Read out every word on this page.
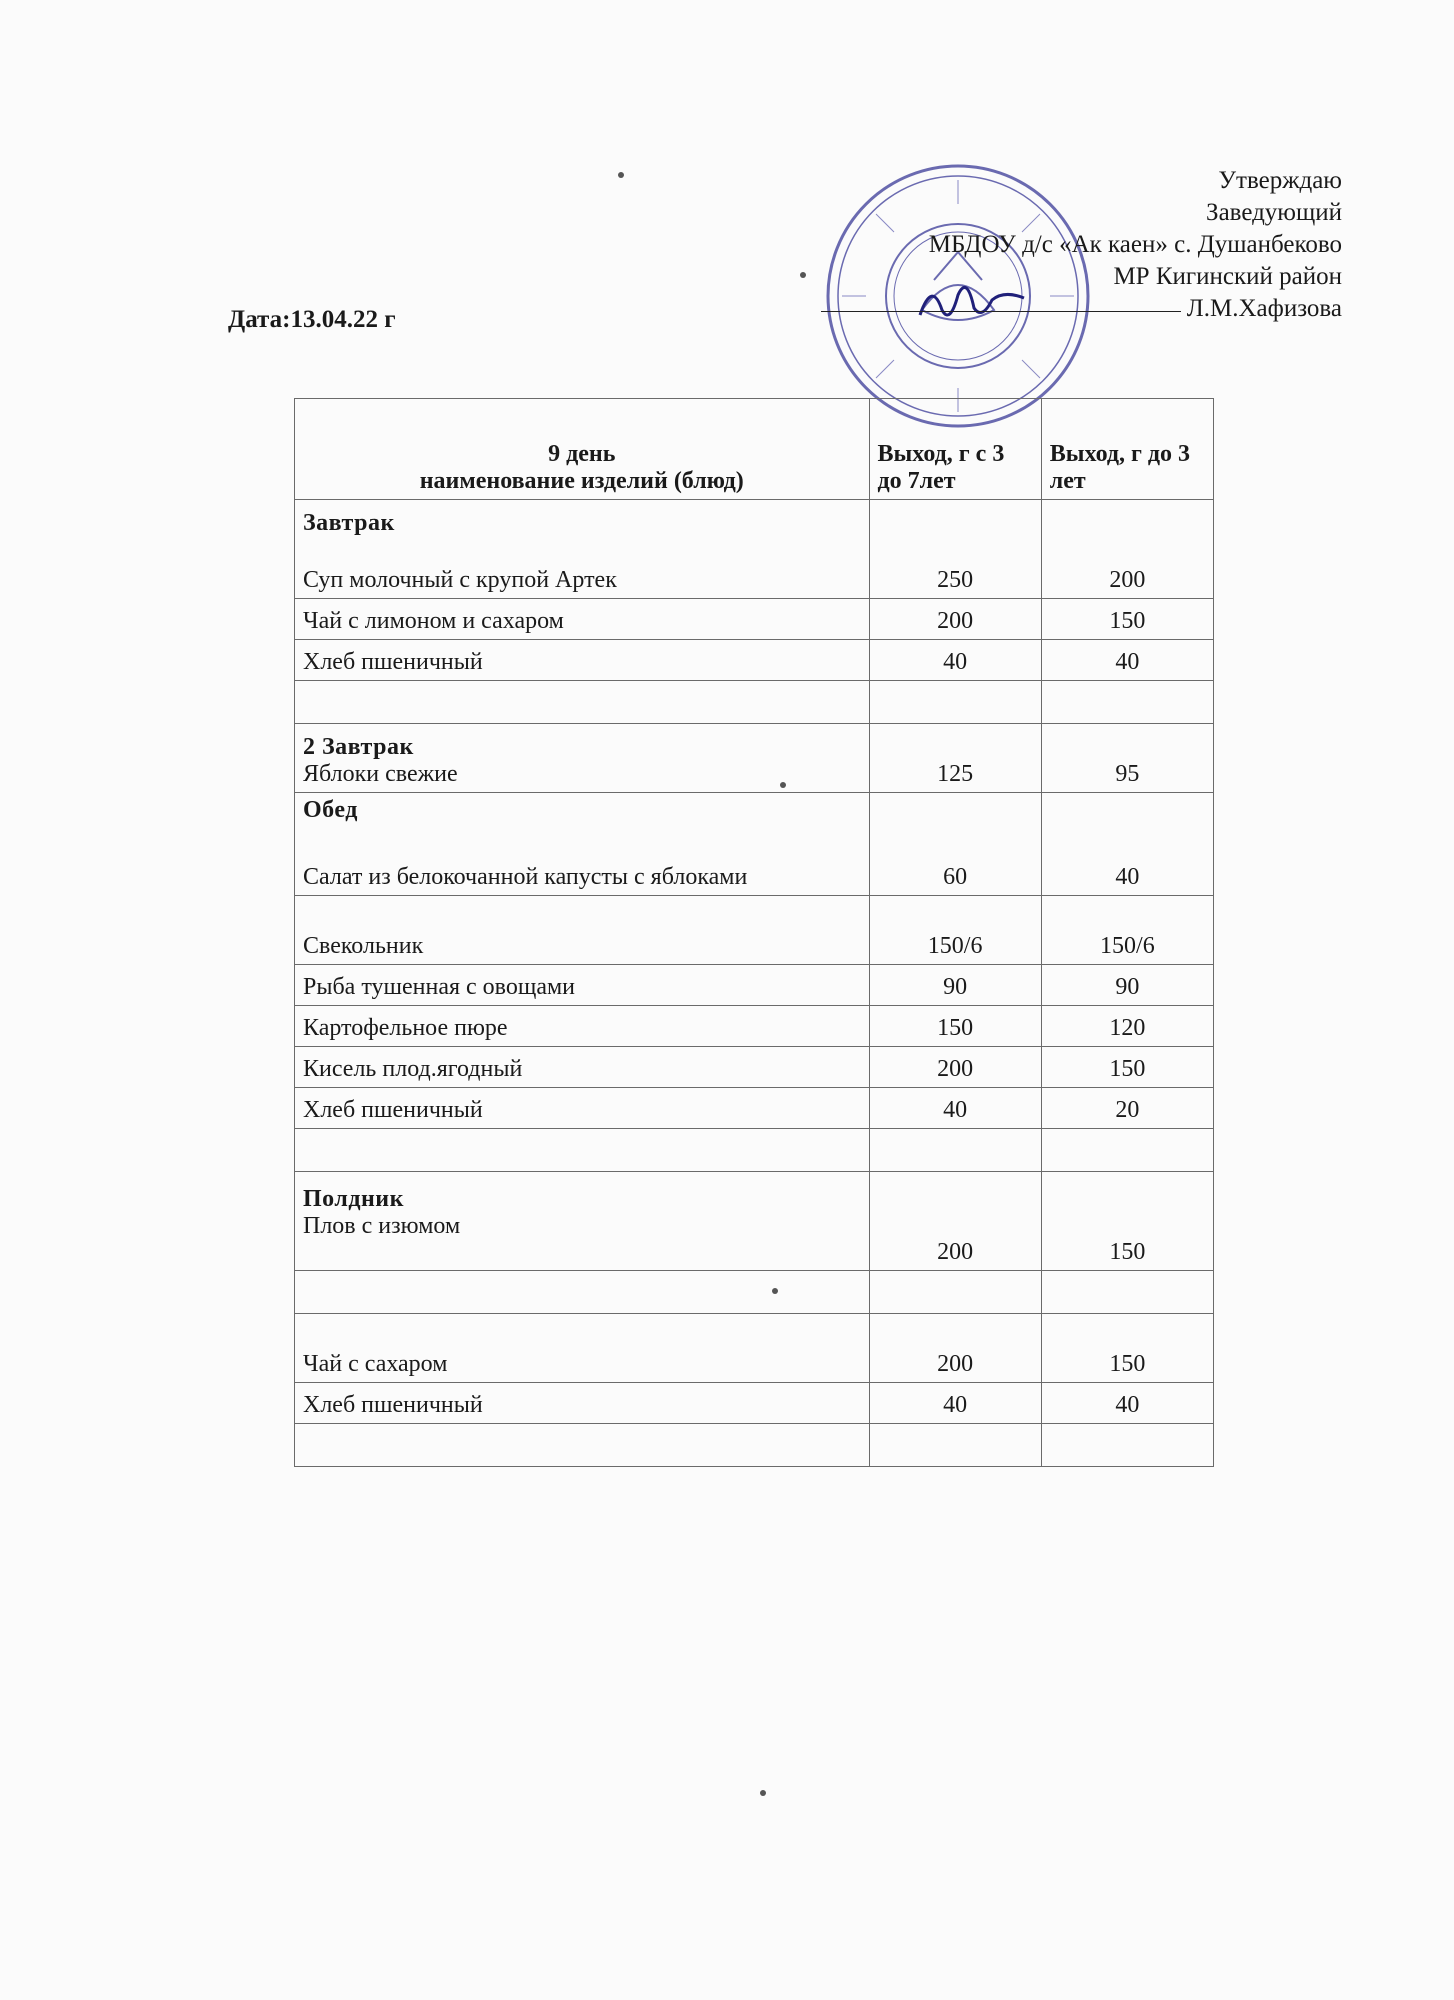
Утверждаю
Заведующий
МБДОУ д/с «Ак каен» с. Душанбеково
МР Кигинский район
Л.М.Хафизова
Дата:13.04.22 г
9 день
наименование изделий (блюд)	Выход, г с 3 до 7лет	Выход, г до 3 лет

Завтрак
Суп молочный с крупой Артек	250	200
Чай с лимоном и сахаром	200	150
Хлеб пшеничный	40	40

2 Завтрак
Яблоки свежие	125	95

Обед
Салат из белокочанной капусты с яблоками	60	40
Свекольник	150/6	150/6
Рыба тушенная с овощами	90	90
Картофельное пюре	150	120
Кисель плод.ягодный	200	150
Хлеб пшеничный	40	20

Полдник
Плов с изюмом	200	150

Чай с сахаром	200	150
Хлеб пшеничный	40	40
